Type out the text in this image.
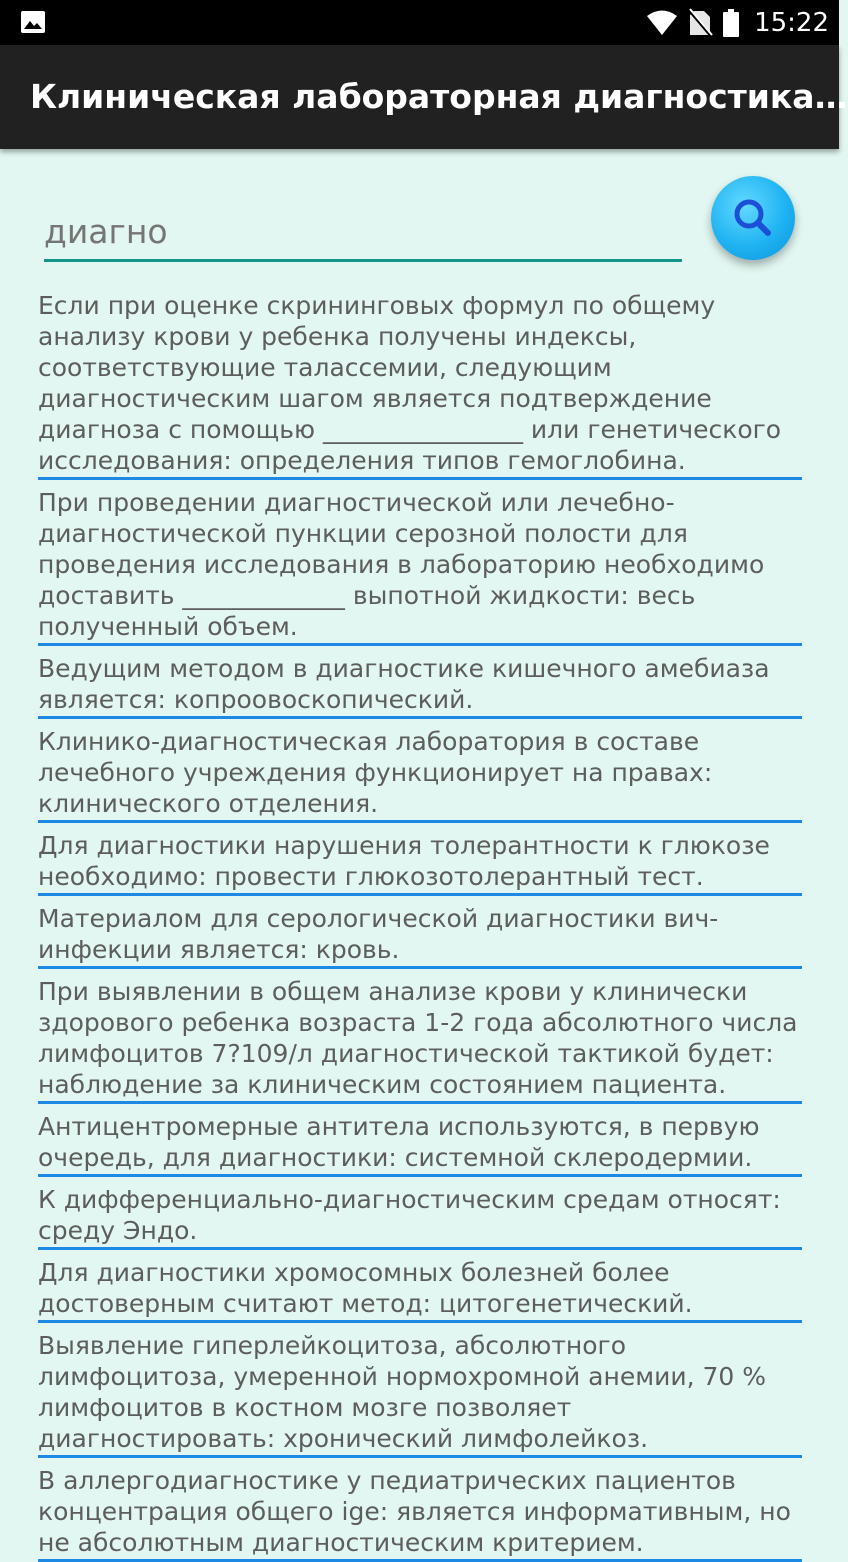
15:22
Клиническая лабораторная диагностика…
диагно
Если при оценке скрининговых формул по общему анализу крови у ребенка получены индексы, соответствующие талассемии, следующим диагностическим шагом является подтверждение диагноза с помощью ________________ или генетического исследования: определения типов гемоглобина.
При проведении диагностической или лечебно-диагностической пункции серозной полости для проведения исследования в лабораторию необходимо доставить _____________ выпотной жидкости: весь полученный объем.
Ведущим методом в диагностике кишечного амебиаза является: копроовоскопический.
Клинико-диагностическая лаборатория в составе лечебного учреждения функционирует на правах: клинического отделения.
Для диагностики нарушения толерантности к глюкозе необходимо: провести глюкозотолерантный тест.
Материалом для серологической диагностики вич-инфекции является: кровь.
При выявлении в общем анализе крови у клинически здорового ребенка возраста 1-2 года абсолютного числа лимфоцитов 7?109/л диагностической тактикой будет: наблюдение за клиническим состоянием пациента.
Антицентромерные антитела используются, в первую очередь, для диагностики: системной склеродермии.
К дифференциально-диагностическим средам относят: среду Эндо.
Для диагностики хромосомных болезней более достоверным считают метод: цитогенетический.
Выявление гиперлейкоцитоза, абсолютного лимфоцитоза, умеренной нормохромной анемии, 70 % лимфоцитов в костном мозге позволяет диагностировать: хронический лимфолейкоз.
В аллергодиагностике у педиатрических пациентов концентрация общего ige: является информативным, но не абсолютным диагностическим критерием.
